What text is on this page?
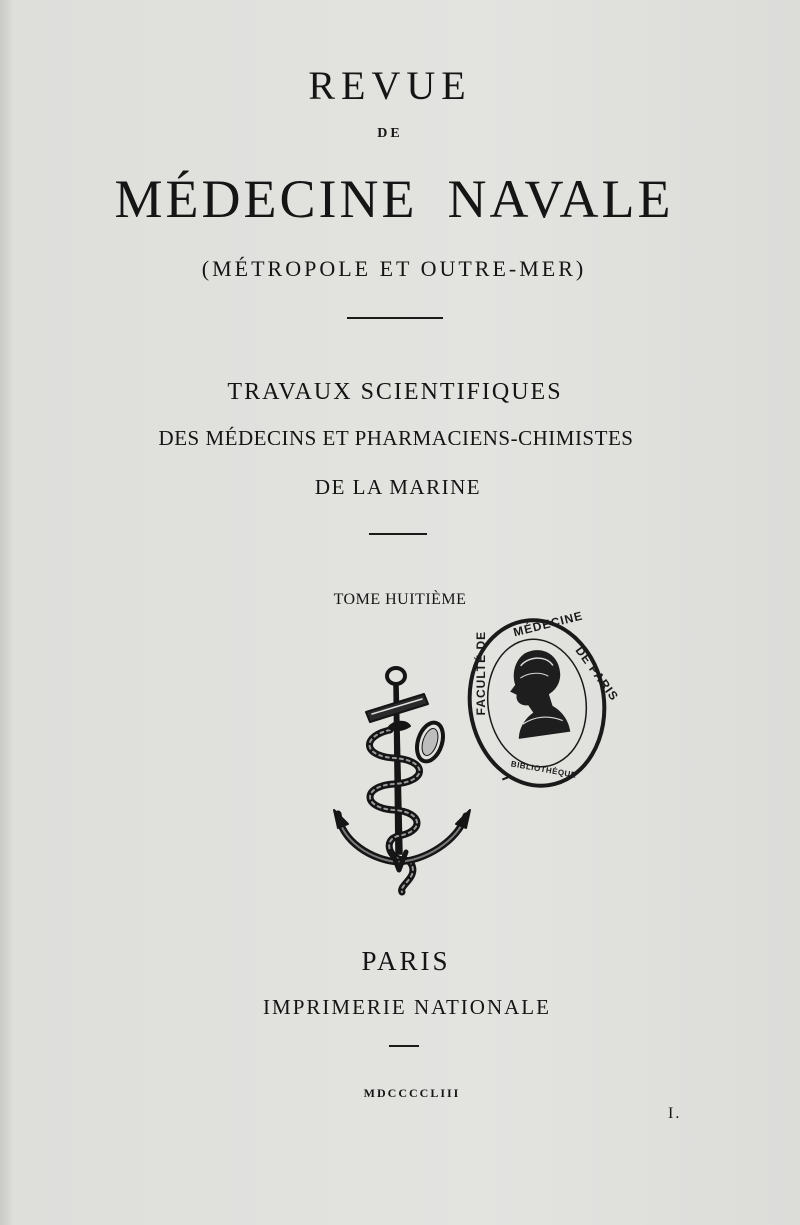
REVUE
DE
MÉDECINE NAVALE
(MÉTROPOLE ET OUTRE-MER)
TRAVAUX SCIENTIFIQUES
DES MÉDECINS ET PHARMACIENS-CHIMISTES
DE LA MARINE
TOME HUITIÈME
FACULTÉ DE
MÉDECINE
DE PARIS
BIBLIOTHÈQUE
PARIS
IMPRIMERIE NATIONALE
MDCCCCLIII
I.
